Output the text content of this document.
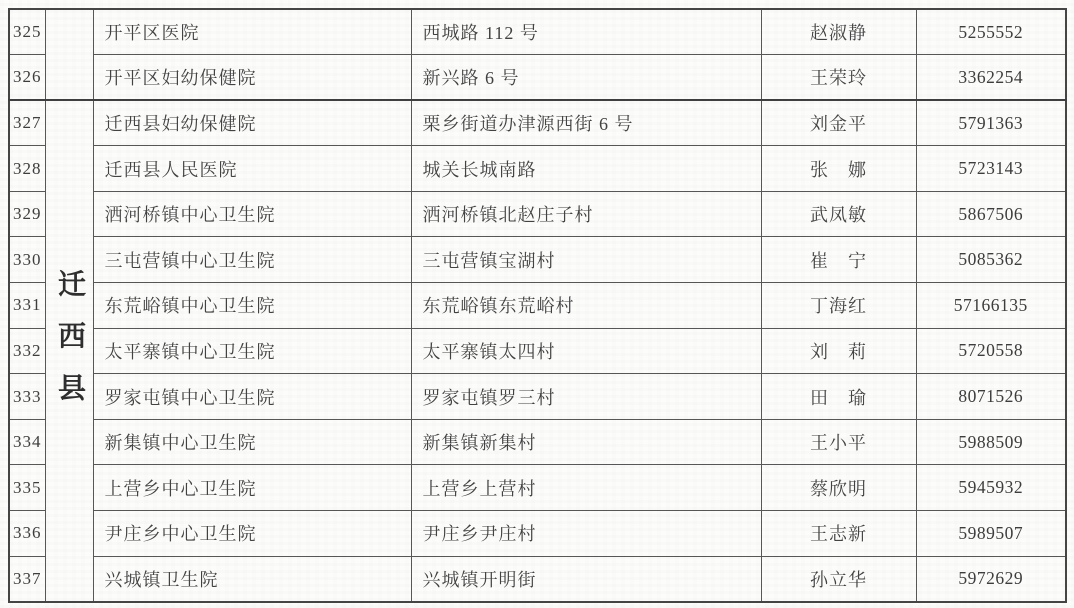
325		开平区医院	西城路 112 号	赵淑静	5255552
326		开平区妇幼保健院	新兴路 6 号	王荣玲	3362254
327	迁西县	迁西县妇幼保健院	栗乡街道办津源西街 6 号	刘金平	5791363
328		迁西县人民医院	城关长城南路	张　娜	5723143
329		洒河桥镇中心卫生院	洒河桥镇北赵庄子村	武凤敏	5867506
330		三屯营镇中心卫生院	三屯营镇宝湖村	崔　宁	5085362
331		东荒峪镇中心卫生院	东荒峪镇东荒峪村	丁海红	57166135
332		太平寨镇中心卫生院	太平寨镇太四村	刘　莉	5720558
333		罗家屯镇中心卫生院	罗家屯镇罗三村	田　瑜	8071526
334		新集镇中心卫生院	新集镇新集村	王小平	5988509
335		上营乡中心卫生院	上营乡上营村	蔡欣明	5945932
336		尹庄乡中心卫生院	尹庄乡尹庄村	王志新	5989507
337		兴城镇卫生院	兴城镇开明街	孙立华	5972629
